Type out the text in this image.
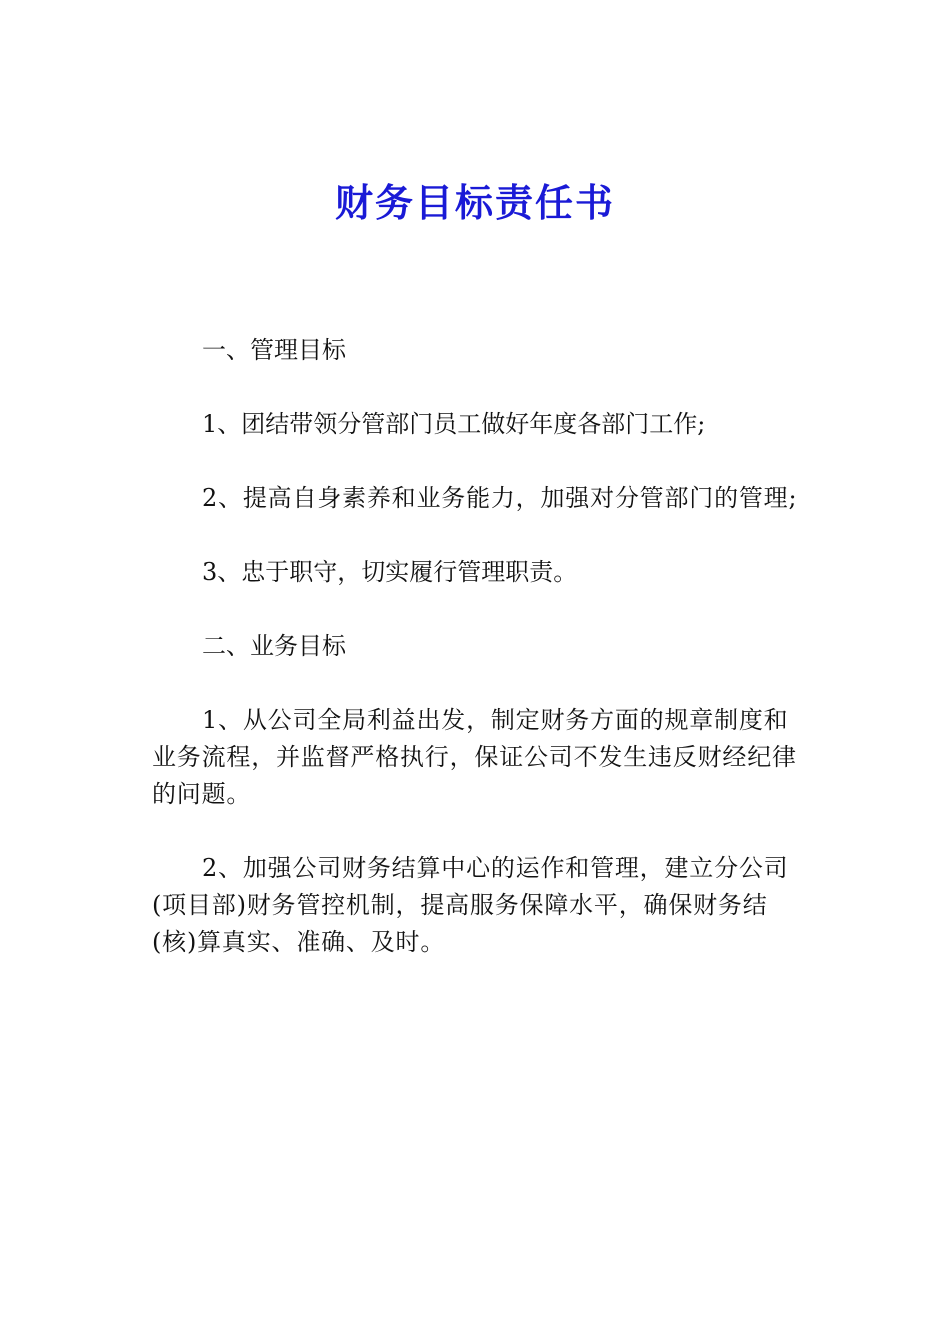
财务目标责任书

一、管理目标

1、团结带领分管部门员工做好年度各部门工作;

2、提高自身素养和业务能力，加强对分管部门的管理;

3、忠于职守，切实履行管理职责。

二、业务目标

1、从公司全局利益出发，制定财务方面的规章制度和业务流程，并监督严格执行，保证公司不发生违反财经纪律的问题。

2、加强公司财务结算中心的运作和管理，建立分公司(项目部)财务管控机制，提高服务保障水平，确保财务结(核)算真实、准确、及时。
